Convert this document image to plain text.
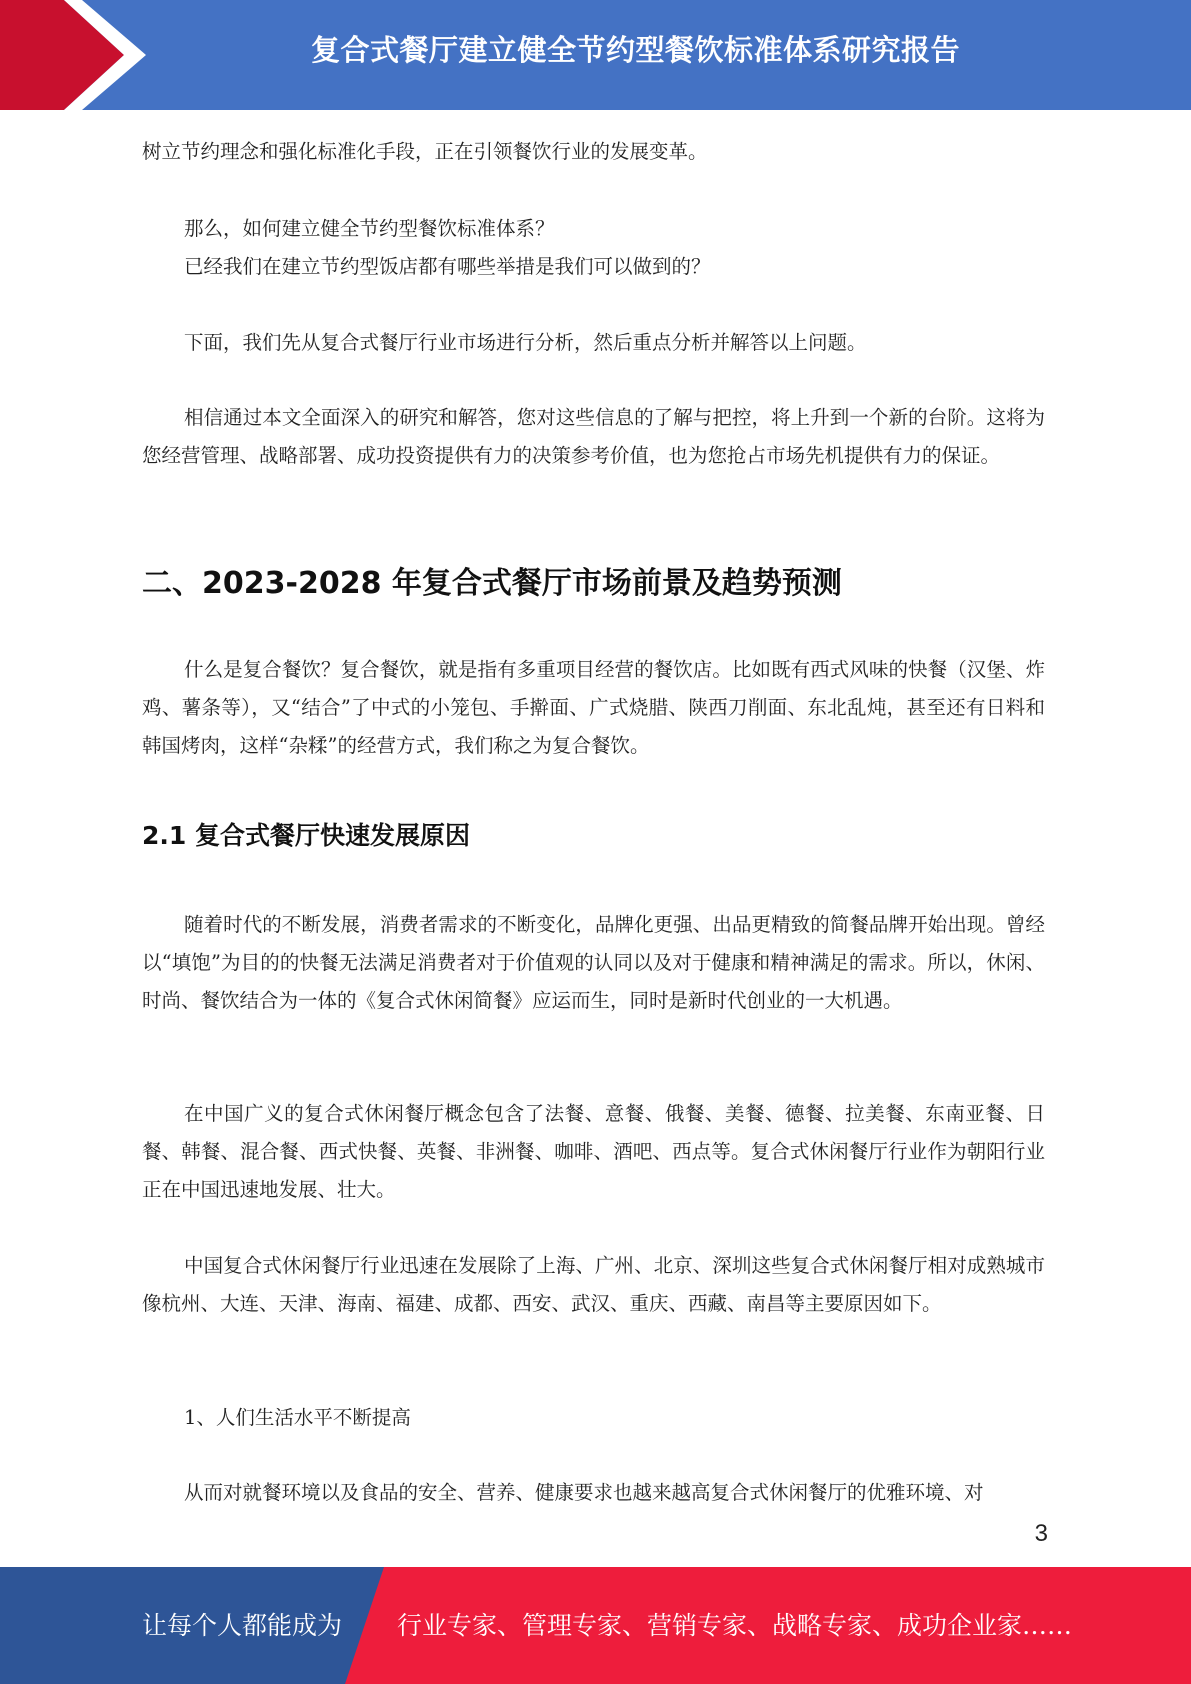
复合式餐厅建立健全节约型餐饮标准体系研究报告
树立节约理念和强化标准化手段，正在引领餐饮行业的发展变革。
那么，如何建立健全节约型餐饮标准体系？
已经我们在建立节约型饭店都有哪些举措是我们可以做到的？
下面，我们先从复合式餐厅行业市场进行分析，然后重点分析并解答以上问题。
相信通过本文全面深入的研究和解答，您对这些信息的了解与把控，将上升到一个新的台阶。这将为您经营管理、战略部署、成功投资提供有力的决策参考价值，也为您抢占市场先机提供有力的保证。
二、2023-2028 年复合式餐厅市场前景及趋势预测
什么是复合餐饮？复合餐饮，就是指有多重项目经营的餐饮店。比如既有西式风味的快餐（汉堡、炸鸡、薯条等），又“结合”了中式的小笼包、手擀面、广式烧腊、陕西刀削面、东北乱炖，甚至还有日料和韩国烤肉，这样“杂糅”的经营方式，我们称之为复合餐饮。
2.1 复合式餐厅快速发展原因
随着时代的不断发展，消费者需求的不断变化，品牌化更强、出品更精致的简餐品牌开始出现。曾经以“填饱”为目的的快餐无法满足消费者对于价值观的认同以及对于健康和精神满足的需求。所以，休闲、时尚、餐饮结合为一体的《复合式休闲简餐》应运而生，同时是新时代创业的一大机遇。
在中国广义的复合式休闲餐厅概念包含了法餐、意餐、俄餐、美餐、德餐、拉美餐、东南亚餐、日餐、韩餐、混合餐、西式快餐、英餐、非洲餐、咖啡、酒吧、西点等。复合式休闲餐厅行业作为朝阳行业正在中国迅速地发展、壮大。
中国复合式休闲餐厅行业迅速在发展除了上海、广州、北京、深圳这些复合式休闲餐厅相对成熟城市像杭州、大连、天津、海南、福建、成都、西安、武汉、重庆、西藏、南昌等主要原因如下。
1、人们生活水平不断提高
从而对就餐环境以及食品的安全、营养、健康要求也越来越高复合式休闲餐厅的优雅环境、对
3
让每个人都能成为 行业专家、管理专家、营销专家、战略专家、成功企业家……
